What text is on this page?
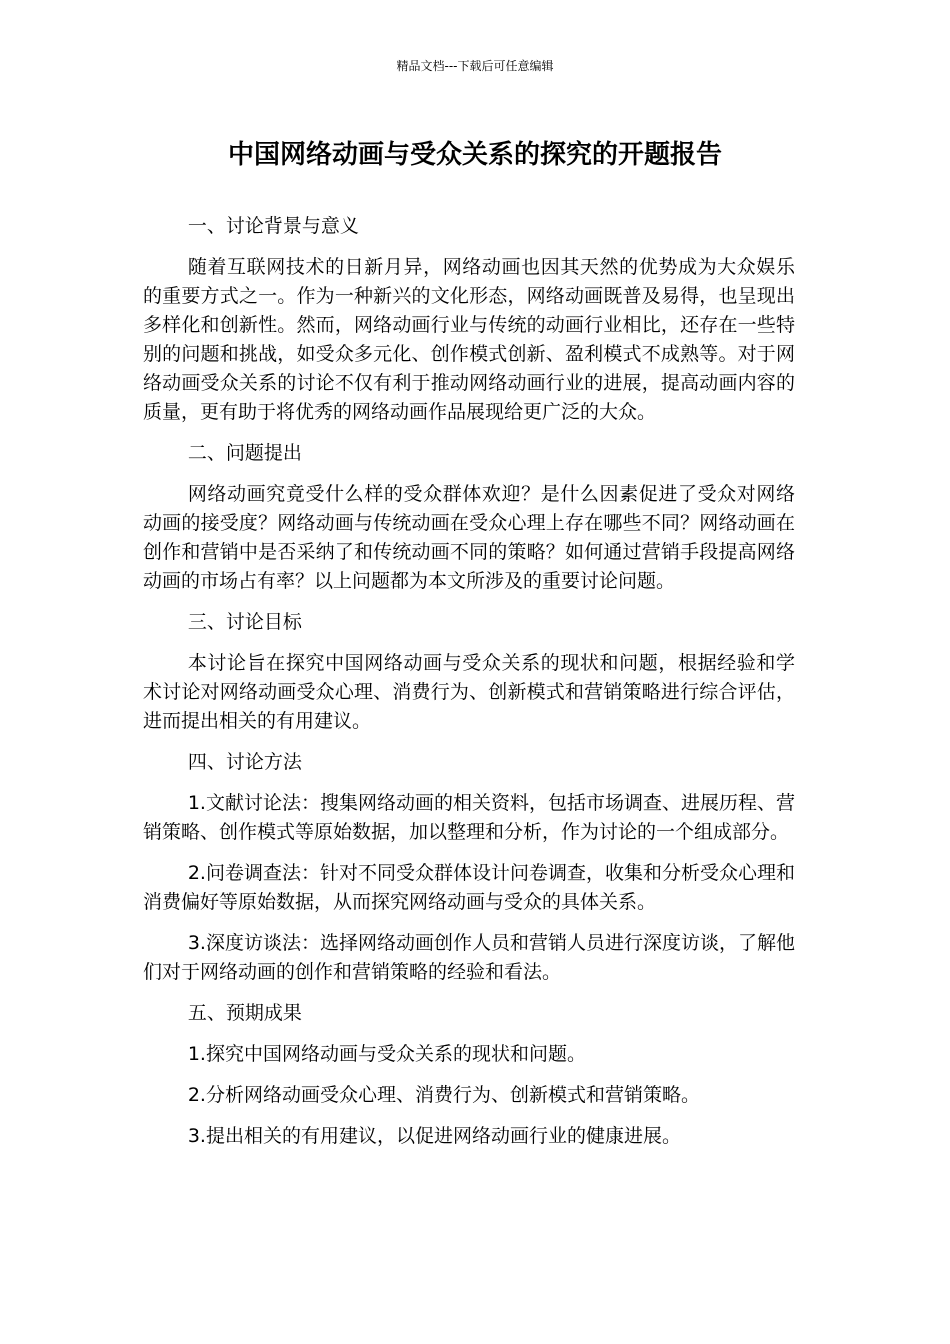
精品文档---下载后可任意编辑
中国网络动画与受众关系的探究的开题报告

一、讨论背景与意义

随着互联网技术的日新月异，网络动画也因其天然的优势成为大众娱乐的重要方式之一。作为一种新兴的文化形态，网络动画既普及易得，也呈现出多样化和创新性。然而，网络动画行业与传统的动画行业相比，还存在一些特别的问题和挑战，如受众多元化、创作模式创新、盈利模式不成熟等。对于网络动画受众关系的讨论不仅有利于推动网络动画行业的进展，提高动画内容的质量，更有助于将优秀的网络动画作品展现给更广泛的大众。

二、问题提出

网络动画究竟受什么样的受众群体欢迎？是什么因素促进了受众对网络动画的接受度？网络动画与传统动画在受众心理上存在哪些不同？网络动画在创作和营销中是否采纳了和传统动画不同的策略？如何通过营销手段提高网络动画的市场占有率？以上问题都为本文所涉及的重要讨论问题。

三、讨论目标

本讨论旨在探究中国网络动画与受众关系的现状和问题，根据经验和学术讨论对网络动画受众心理、消费行为、创新模式和营销策略进行综合评估，进而提出相关的有用建议。

四、讨论方法

1.文献讨论法：搜集网络动画的相关资料，包括市场调查、进展历程、营销策略、创作模式等原始数据，加以整理和分析，作为讨论的一个组成部分。

2.问卷调查法：针对不同受众群体设计问卷调查，收集和分析受众心理和消费偏好等原始数据，从而探究网络动画与受众的具体关系。

3.深度访谈法：选择网络动画创作人员和营销人员进行深度访谈，了解他们对于网络动画的创作和营销策略的经验和看法。

五、预期成果

1.探究中国网络动画与受众关系的现状和问题。

2.分析网络动画受众心理、消费行为、创新模式和营销策略。

3.提出相关的有用建议，以促进网络动画行业的健康进展。
